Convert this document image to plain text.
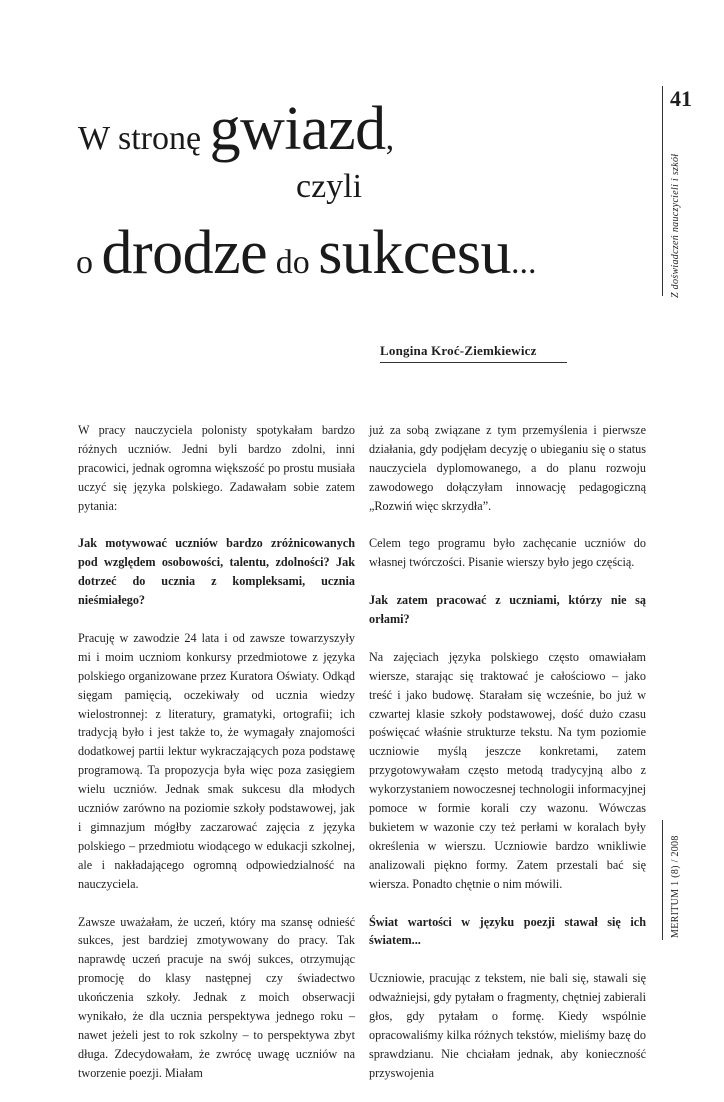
W stronę gwiazd,
czyli
o drodze do sukcesu...
Longina Kroć-Ziemkiewicz
41
Z doświadczeń nauczycieli i szkół
MERITUM 1 (8) / 2008

W pracy nauczyciela polonisty spotykałam bardzo różnych uczniów. Jedni byli bardzo zdolni, inni pracowici, jednak ogromna większość po prostu musiała uczyć się języka polskiego. Zadawałam sobie zatem pytania:

Jak motywować uczniów bardzo zróżnicowanych pod względem osobowości, talentu, zdolności? Jak dotrzeć do ucznia z kompleksami, ucznia nieśmiałego?

Pracuję w zawodzie 24 lata i od zawsze towarzyszyły mi i moim uczniom konkursy przedmiotowe z języka polskiego organizowane przez Kuratora Oświaty. Odkąd sięgam pamięcią, oczekiwały od ucznia wiedzy wielostronnej: z literatury, gramatyki, ortografii; ich tradycją było i jest także to, że wymagały znajomości dodatkowej partii lektur wykraczających poza podstawę programową. Ta propozycja była więc poza zasięgiem wielu uczniów. Jednak smak sukcesu dla młodych uczniów zarówno na poziomie szkoły podstawowej, jak i gimnazjum mógłby zaczarować zajęcia z języka polskiego – przedmiotu wiodącego w edukacji szkolnej, ale i nakładającego ogromną odpowiedzialność na nauczyciela.

Zawsze uważałam, że uczeń, który ma szansę odnieść sukces, jest bardziej zmotywowany do pracy. Tak naprawdę uczeń pracuje na swój sukces, otrzymując promocję do klasy następnej czy świadectwo ukończenia szkoły. Jednak z moich obserwacji wynikało, że dla ucznia perspektywa jednego roku – nawet jeżeli jest to rok szkolny – to perspektywa zbyt długa. Zdecydowałam, że zwrócę uwagę uczniów na tworzenie poezji. Miałam

już za sobą związane z tym przemyślenia i pierwsze działania, gdy podjęłam decyzję o ubieganiu się o status nauczyciela dyplomowanego, a do planu rozwoju zawodowego dołączyłam innowację pedagogiczną „Rozwiń więc skrzydła”.

Celem tego programu było zachęcanie uczniów do własnej twórczości. Pisanie wierszy było jego częścią.

Jak zatem pracować z uczniami, którzy nie są orłami?

Na zajęciach języka polskiego często omawiałam wiersze, starając się traktować je całościowo – jako treść i jako budowę. Starałam się wcześnie, bo już w czwartej klasie szkoły podstawowej, dość dużo czasu poświęcać właśnie strukturze tekstu. Na tym poziomie uczniowie myślą jeszcze konkretami, zatem przygotowywałam często metodą tradycyjną albo z wykorzystaniem nowoczesnej technologii informacyjnej pomoce w formie korali czy wazonu. Wówczas bukietem w wazonie czy też perłami w koralach były określenia w wierszu. Uczniowie bardzo wnikliwie analizowali piękno formy. Zatem przestali bać się wiersza. Ponadto chętnie o nim mówili.

Świat wartości w języku poezji stawał się ich światem...

Uczniowie, pracując z tekstem, nie bali się, stawali się odważniejsi, gdy pytałam o fragmenty, chętniej zabierali głos, gdy pytałam o formę. Kiedy wspólnie opracowaliśmy kilka różnych tekstów, mieliśmy bazę do sprawdzianu. Nie chciałam jednak, aby konieczność przyswojenia
